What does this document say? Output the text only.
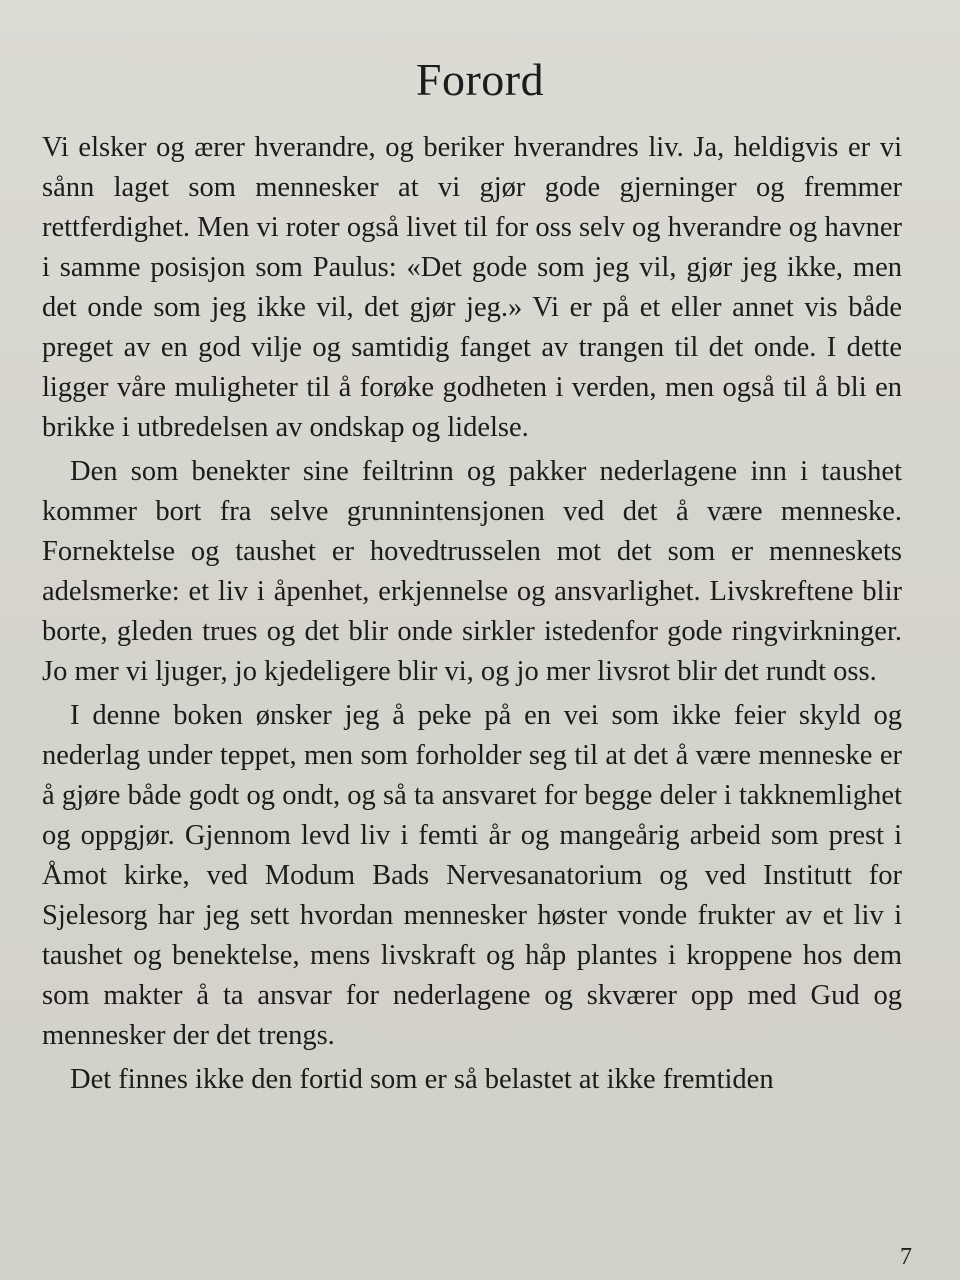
Forord

Vi elsker og ærer hverandre, og beriker hverandres liv. Ja, heldigvis er vi sånn laget som mennesker at vi gjør gode gjerninger og fremmer rettferdighet. Men vi roter også livet til for oss selv og hverandre og havner i samme posisjon som Paulus: «Det gode som jeg vil, gjør jeg ikke, men det onde som jeg ikke vil, det gjør jeg.» Vi er på et eller annet vis både preget av en god vilje og samtidig fanget av trangen til det onde. I dette ligger våre muligheter til å forøke godheten i verden, men også til å bli en brikke i utbredelsen av ondskap og lidelse.

Den som benekter sine feiltrinn og pakker nederlagene inn i taushet kommer bort fra selve grunnintensjonen ved det å være menneske. Fornektelse og taushet er hovedtrusselen mot det som er menneskets adelsmerke: et liv i åpenhet, erkjennelse og ansvarlighet. Livskreftene blir borte, gleden trues og det blir onde sirkler istedenfor gode ringvirkninger. Jo mer vi ljuger, jo kjedeligere blir vi, og jo mer livsrot blir det rundt oss.

I denne boken ønsker jeg å peke på en vei som ikke feier skyld og nederlag under teppet, men som forholder seg til at det å være menneske er å gjøre både godt og ondt, og så ta ansvaret for begge deler i takknemlighet og oppgjør. Gjennom levd liv i femti år og mangeårig arbeid som prest i Åmot kirke, ved Modum Bads Nervesanatorium og ved Institutt for Sjelesorg har jeg sett hvordan mennesker høster vonde frukter av et liv i taushet og benektelse, mens livskraft og håp plantes i kroppene hos dem som makter å ta ansvar for nederlagene og skværer opp med Gud og mennesker der det trengs.

Det finnes ikke den fortid som er så belastet at ikke fremtiden

7
